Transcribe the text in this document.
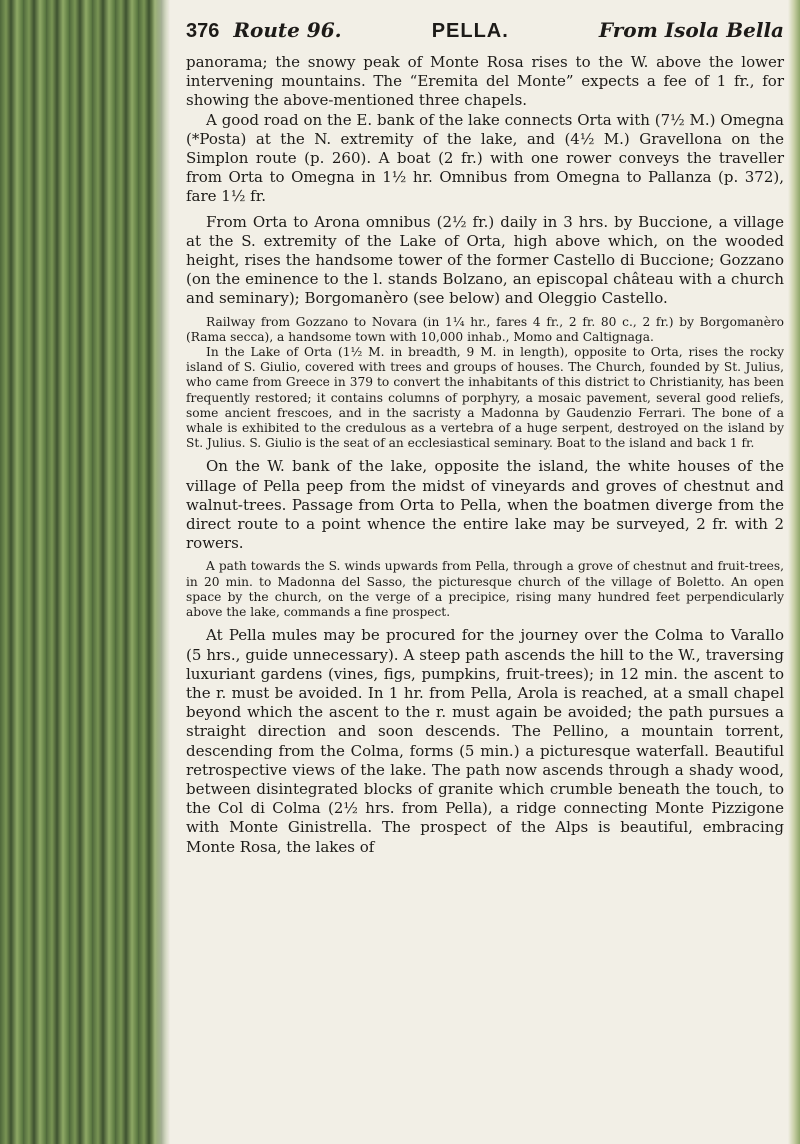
376 Route 96.	PELLA.	From Isola Bella

panorama; the snowy peak of Monte Rosa rises to the W. above the lower intervening mountains. The “Eremita del Monte” expects a fee of 1 fr., for showing the above-mentioned three chapels.

A good road on the E. bank of the lake connects Orta with (7½ M.) Omegna (*Posta) at the N. extremity of the lake, and (4½ M.) Gravellona on the Simplon route (p. 260). A boat (2 fr.) with one rower conveys the traveller from Orta to Omegna in 1½ hr. Omnibus from Omegna to Pallanza (p. 372), fare 1½ fr.

From Orta to Arona omnibus (2½ fr.) daily in 3 hrs. by Buccione, a village at the S. extremity of the Lake of Orta, high above which, on the wooded height, rises the handsome tower of the former Castello di Buccione; Gozzano (on the eminence to the l. stands Bolzano, an episcopal château with a church and seminary); Borgomanèro (see below) and Oleggio Castello.

Railway from Gozzano to Novara (in 1¼ hr., fares 4 fr., 2 fr. 80 c., 2 fr.) by Borgomanèro (Rama secca), a handsome town with 10,000 inhab., Momo and Caltignaga.

In the Lake of Orta (1½ M. in breadth, 9 M. in length), opposite to Orta, rises the rocky island of S. Giulio, covered with trees and groups of houses. The Church, founded by St. Julius, who came from Greece in 379 to convert the inhabitants of this district to Christianity, has been frequently restored; it contains columns of porphyry, a mosaic pavement, several good reliefs, some ancient frescoes, and in the sacristy a Madonna by Gaudenzio Ferrari. The bone of a whale is exhibited to the credulous as a vertebra of a huge serpent, destroyed on the island by St. Julius. S. Giulio is the seat of an ecclesiastical seminary. Boat to the island and back 1 fr.

On the W. bank of the lake, opposite the island, the white houses of the village of Pella peep from the midst of vineyards and groves of chestnut and walnut-trees. Passage from Orta to Pella, when the boatmen diverge from the direct route to a point whence the entire lake may be surveyed, 2 fr. with 2 rowers.

A path towards the S. winds upwards from Pella, through a grove of chestnut and fruit-trees, in 20 min. to Madonna del Sasso, the picturesque church of the village of Boletto. An open space by the church, on the verge of a precipice, rising many hundred feet perpendicularly above the lake, commands a fine prospect.

At Pella mules may be procured for the journey over the Colma to Varallo (5 hrs., guide unnecessary). A steep path ascends the hill to the W., traversing luxuriant gardens (vines, figs, pumpkins, fruit-trees); in 12 min. the ascent to the r. must be avoided. In 1 hr. from Pella, Arola is reached, at a small chapel beyond which the ascent to the r. must again be avoided; the path pursues a straight direction and soon descends. The Pellino, a mountain torrent, descending from the Colma, forms (5 min.) a picturesque waterfall. Beautiful retrospective views of the lake. The path now ascends through a shady wood, between disintegrated blocks of granite which crumble beneath the touch, to the Col di Colma (2½ hrs. from Pella), a ridge connecting Monte Pizzigone with Monte Ginistrella. The prospect of the Alps is beautiful, embracing Monte Rosa, the lakes of
